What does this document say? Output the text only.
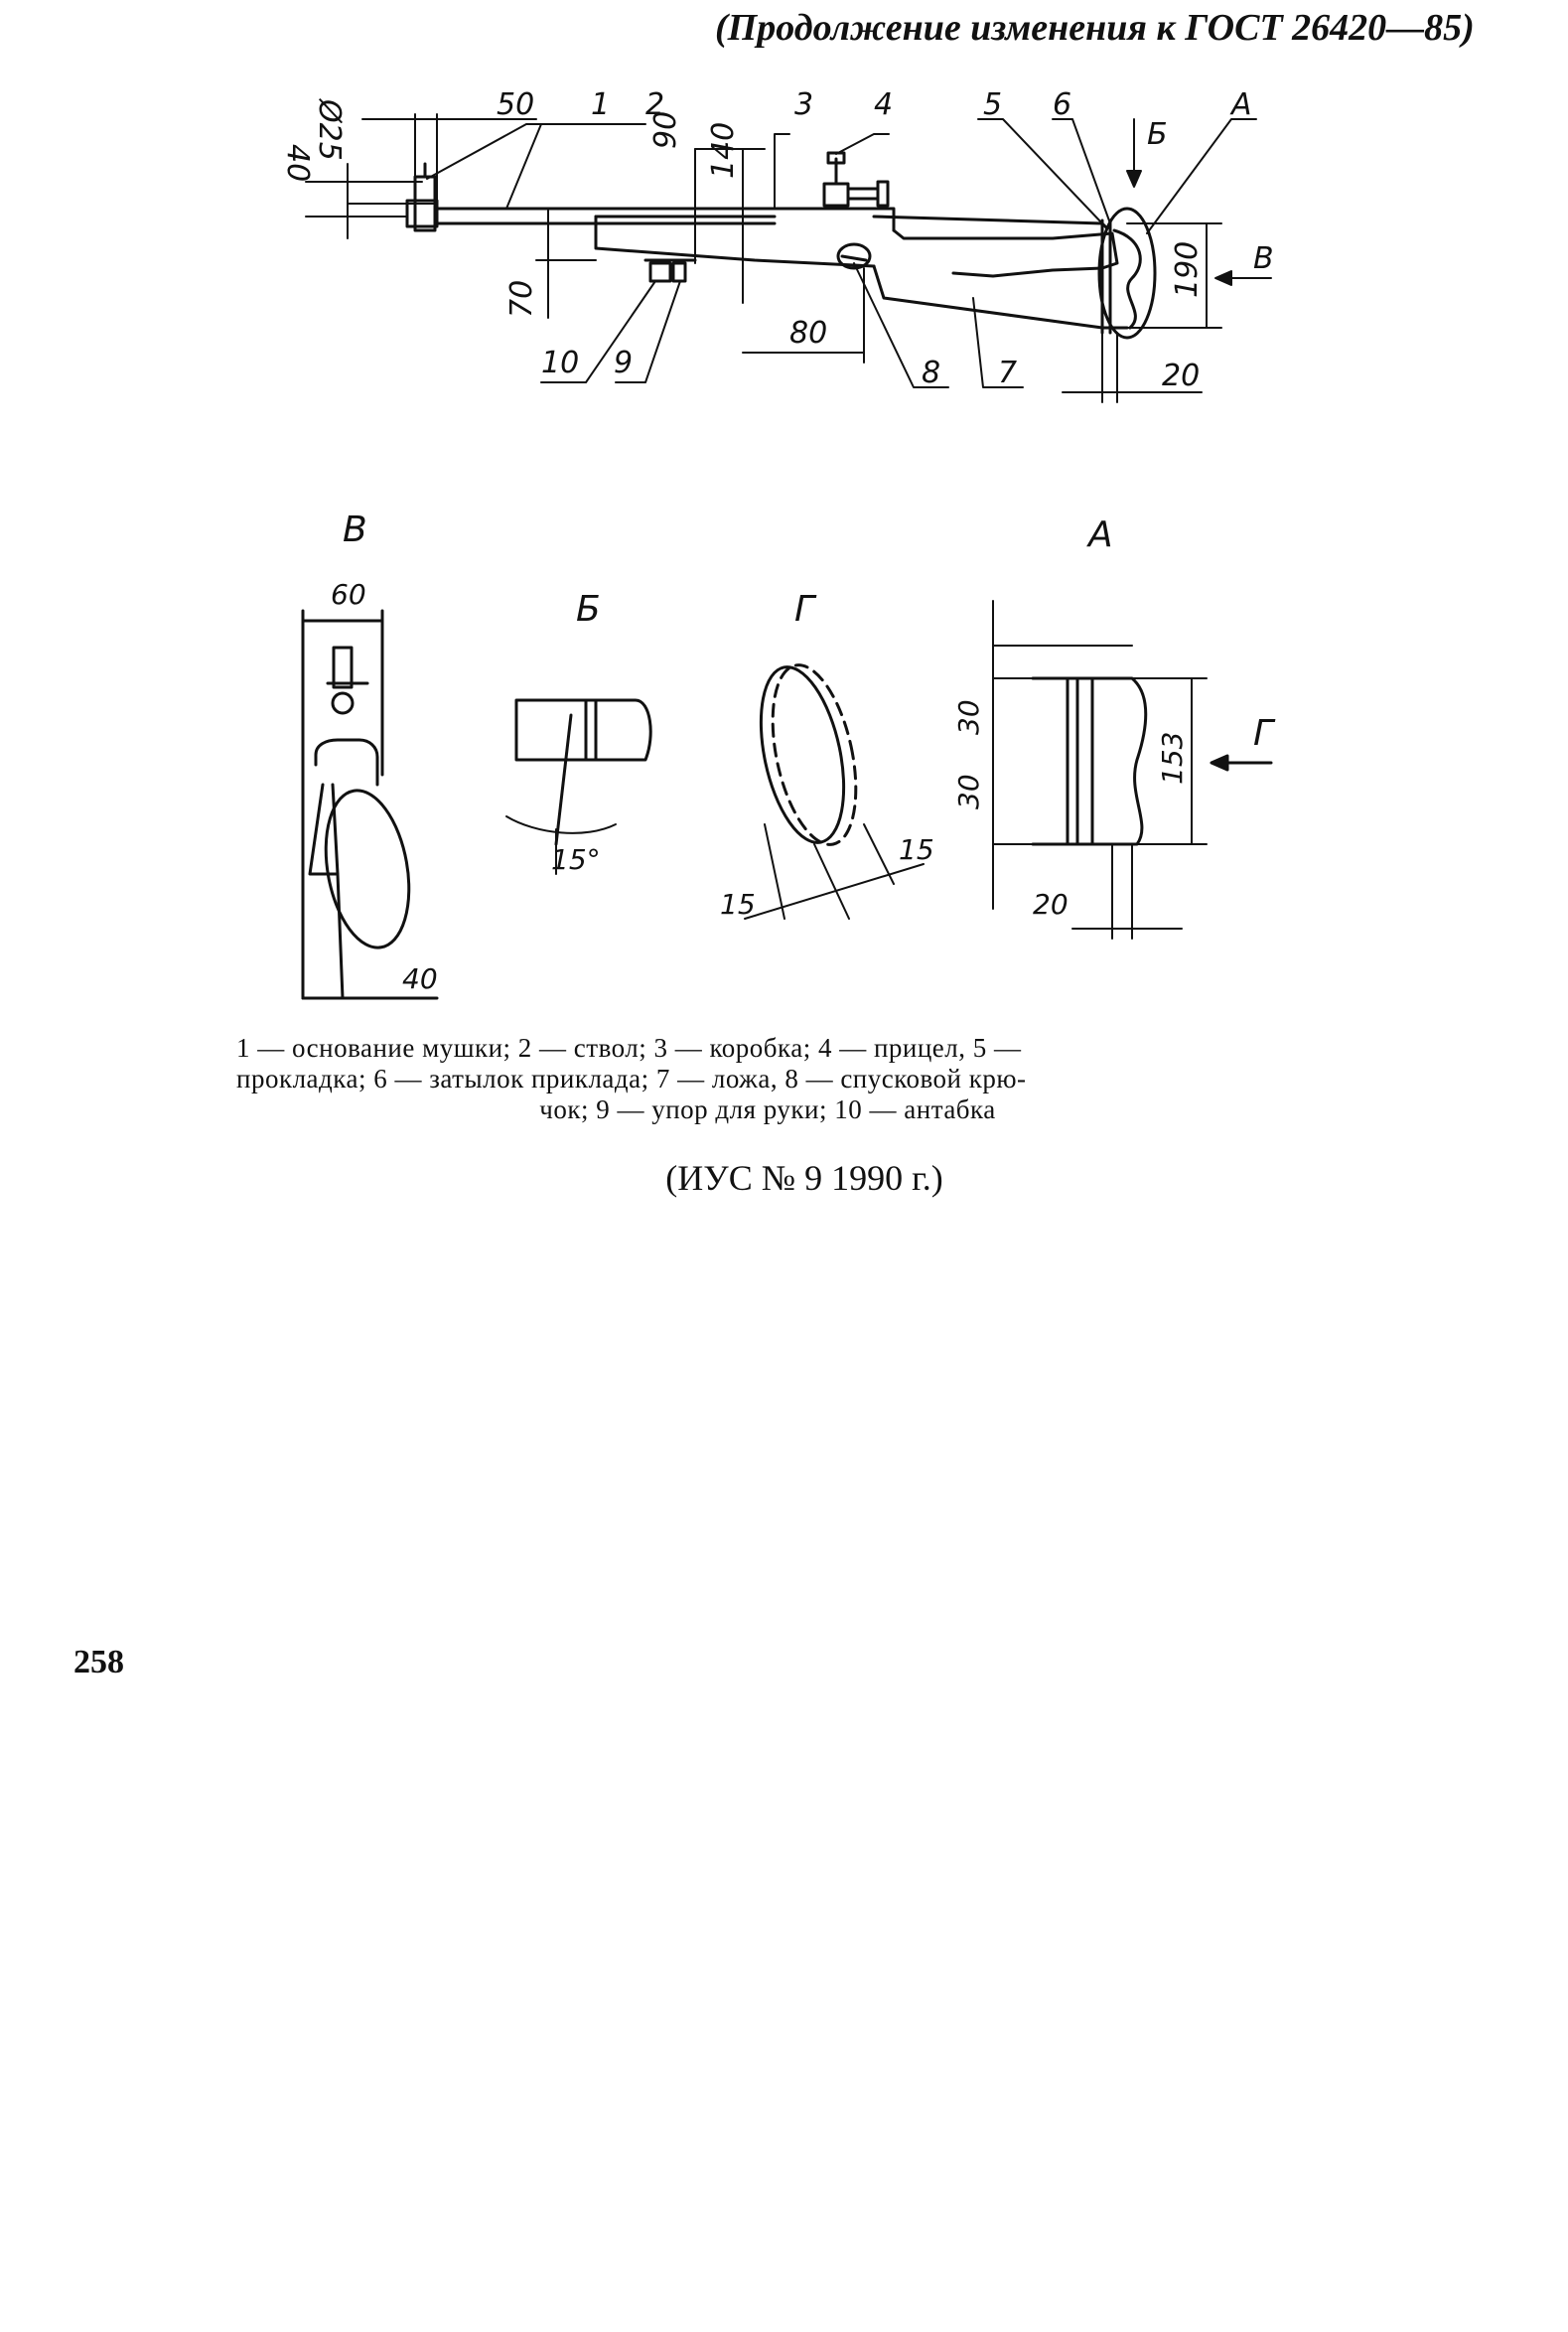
(Продолжение изменения к ГОСТ 26420—85)
40
Ø25	50 1 2	3 4
90 140
70
80
10 9	8 7
5 6	А
Б
190 В
20
В	А
Б	Г
60
40
15°
15
15
30
30
153
20
Г
1 — основание мушки; 2 — ствол; 3 — коробка; 4 — прицел, 5 —
прокладка; 6 — затылок приклада; 7 — ложа, 8 — спусковой крю-
чок; 9 — упор для руки; 10 — антабка
(ИУС № 9 1990 г.)
258
